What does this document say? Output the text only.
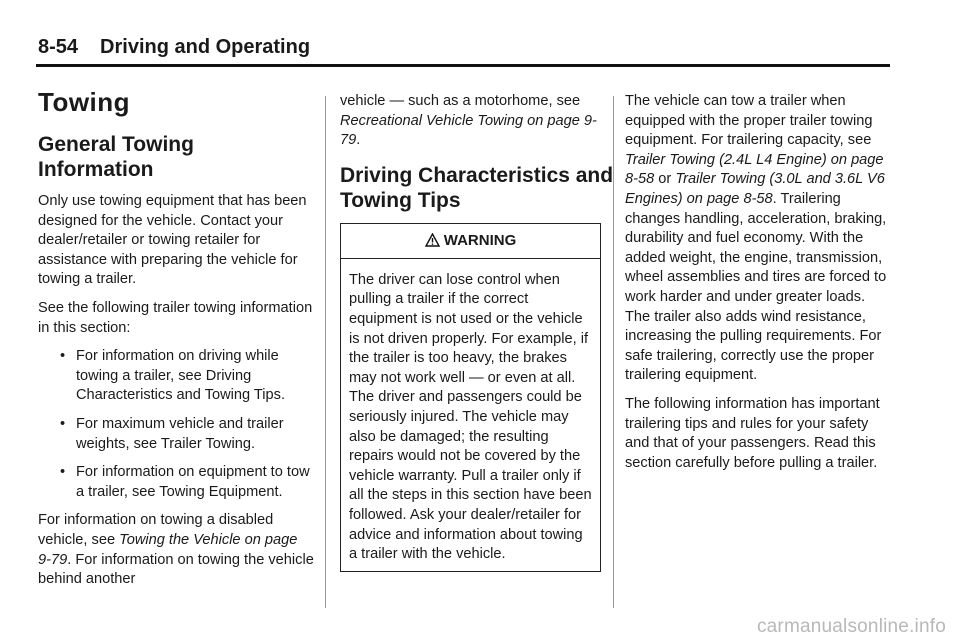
8-54 Driving and Operating
Towing
General Towing Information

Only use towing equipment that has been designed for the vehicle. Contact your dealer/retailer or towing retailer for assistance with preparing the vehicle for towing a trailer.

See the following trailer towing information in this section:

• For information on driving while towing a trailer, see Driving Characteristics and Towing Tips.
• For maximum vehicle and trailer weights, see Trailer Towing.
• For information on equipment to tow a trailer, see Towing Equipment.

For information on towing a disabled vehicle, see Towing the Vehicle on page 9-79. For information on towing the vehicle behind another

vehicle — such as a motorhome, see Recreational Vehicle Towing on page 9-79.

Driving Characteristics and Towing Tips
WARNING
The driver can lose control when pulling a trailer if the correct equipment is not used or the vehicle is not driven properly. For example, if the trailer is too heavy, the brakes may not work well — or even at all. The driver and passengers could be seriously injured. The vehicle may also be damaged; the resulting repairs would not be covered by the vehicle warranty. Pull a trailer only if all the steps in this section have been followed. Ask your dealer/retailer for advice and information about towing a trailer with the vehicle.

The vehicle can tow a trailer when equipped with the proper trailer towing equipment. For trailering capacity, see Trailer Towing (2.4L L4 Engine) on page 8-58 or Trailer Towing (3.0L and 3.6L V6 Engines) on page 8-58. Trailering changes handling, acceleration, braking, durability and fuel economy. With the added weight, the engine, transmission, wheel assemblies and tires are forced to work harder and under greater loads. The trailer also adds wind resistance, increasing the pulling requirements. For safe trailering, correctly use the proper trailering equipment.

The following information has important trailering tips and rules for your safety and that of your passengers. Read this section carefully before pulling a trailer.

carmanualsonline.info
